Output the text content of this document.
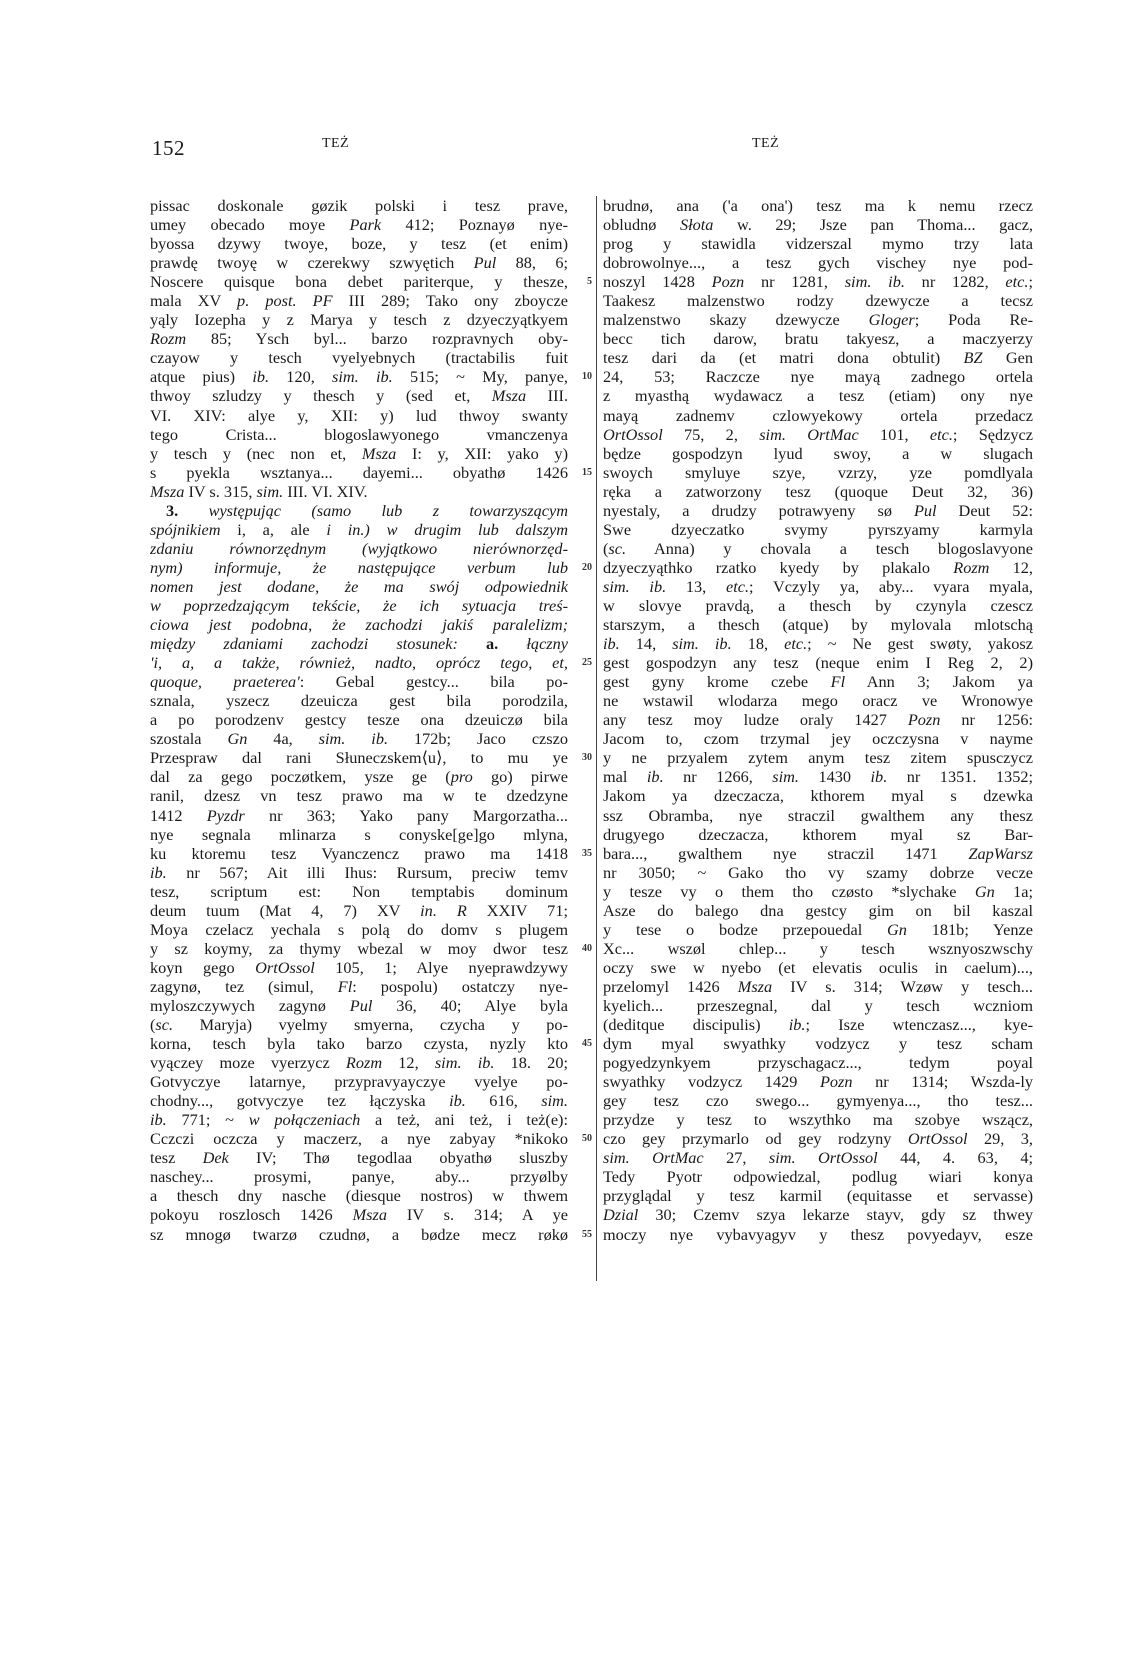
152	TEŻ	TEŻ
pissac doskonale gøzik polski i tesz prave,
umey obecado moye Park 412; Poznayø nye-
byossa dzywy twoye, boze, y tesz (et enim)
prawdę twoyę w czerekwy szwyętich Pul 88, 6;
Noscere quisque bona debet pariterque, y thesze,
mala XV p. post. PF III 289; Tako ony zboycze
yąly Iozepha y z Marya y tesch z dzyeczyątkyem
Rozm 85; Ysch byl... barzo rozpravnych oby-
czayow y tesch vyelyebnych (tractabilis fuit
atque pius) ib. 120, sim. ib. 515; ~ My, panye,
thwoy szludzy y thesch y (sed et, Msza III.
VI. XIV: alye y, XII: y) lud thwoy swanty
tego Crista... blogoslawyonego vmanczenya
y tesch y (nec non et, Msza I: y, XII: yako y)
s pyekla wsztanya... dayemi... obyathø 1426
Msza IV s. 315, sim. III. VI. XIV.
3. występując (samo lub z towarzyszącym
spójnikiem i, a, ale i in.) w drugim lub dalszym
zdaniu równorzędnym (wyjątkowo nierównorzęd-
nym) informuje, że następujące verbum lub
nomen jest dodane, że ma swój odpowiednik
w poprzedzającym tekście, że ich sytuacja treś-
ciowa jest podobna, że zachodzi jakiś paralelizm;
między zdaniami zachodzi stosunek: a. łączny
'i, a, a także, również, nadto, oprócz tego, et,
quoque, praeterea': Gebal gestcy... bila po-
sznala, yszecz dzeuicza gest bila porodzila,
a po porodzenv gestcy tesze ona dzeuiczø bila
szostala Gn 4a, sim. ib. 172b; Jaco czszo
Przespraw dal rani Słuneczskem⟨u⟩, to mu ye
dal za gego poczøtkem, ysze ge (pro go) pirwe
ranil, dzesz vn tesz prawo ma w te dzedzyne
1412 Pyzdr nr 363; Yako pany Margorzatha...
nye segnala mlinarza s conyske[ge]go mlyna,
ku ktoremu tesz Vyanczencz prawo ma 1418
ib. nr 567; Ait illi Ihus: Rursum, preciw temv
tesz, scriptum est: Non temptabis dominum
deum tuum (Mat 4, 7) XV in. R XXIV 71;
Moya czelacz yechala s polą do domv s plugem
y sz koymy, za thymy wbezal w moy dwor tesz
koyn gego OrtOssol 105, 1; Alye nyeprawdzywy
zagynø, tez (simul, Fl: pospolu) ostatczy nye-
myloszczywych zagynø Pul 36, 40; Alye byla
(sc. Maryja) vyelmy smyerna, czycha y po-
korna, tesch byla tako barzo czysta, nyzly kto
vyączey moze vyerzycz Rozm 12, sim. ib. 18. 20;
Gotvyczye latarnye, przypravyayczye vyelye po-
chodny..., gotvyczye tez łączyska ib. 616, sim.
ib. 771; ~ w połączeniach a też, ani też, i też(e):
Cczczi oczcza y maczerz, a nye zabyay *nikoko
tesz Dek IV; Thø tegodlaa obyathø sluszby
naschey... prosymi, panye, aby... przyølby
a thesch dny nasche (diesque nostros) w thwem
pokoyu roszlosch 1426 Msza IV s. 314; A ye
sz mnogø twarzø czudnø, a bødze mecz røkø
5
10
15
20
25
30
35
40
45
50
55
brudnø, ana ('a ona') tesz ma k nemu rzecz
obludnø Słota w. 29; Jsze pan Thoma... gacz,
prog y stawidla vidzerszal mymo trzy lata
dobrowolnye..., a tesz gych vischey nye pod-
noszyl 1428 Pozn nr 1281, sim. ib. nr 1282, etc.;
Taakesz malzenstwo rodzy dzewycze a tecsz
malzenstwo skazy dzewycze Gloger; Poda Re-
becc tich darow, bratu takyesz, a maczyerzy
tesz dari da (et matri dona obtulit) BZ Gen
24, 53; Raczcze nye mayą zadnego ortela
z myasthą wydawacz a tesz (etiam) ony nye
mayą zadnemv czlowyekowy ortela przedacz
OrtOssol 75, 2, sim. OrtMac 101, etc.; Sędzycz
będze gospodzyn lyud swoy, a w slugach
swoych smyluye szye, vzrzy, yze pomdlyala
ręka a zatworzony tesz (quoque Deut 32, 36)
nyestaly, a drudzy potrawyeny sø Pul Deut 52:
Swe dzyeczatko svymy pyrszyamy karmyla
(sc. Anna) y chovala a tesch blogoslavyone
dzyeczyąthko rzatko kyedy by plakalo Rozm 12,
sim. ib. 13, etc.; Vczyly ya, aby... vyara myala,
w slovye pravdą, a thesch by czynyla czescz
starszym, a thesch (atque) by mylovala mlotschą
ib. 14, sim. ib. 18, etc.; ~ Ne gest swøty, yakosz
gest gospodzyn any tesz (neque enim I Reg 2, 2)
gest gyny krome czebe Fl Ann 3; Jakom ya
ne wstawil wlodarza mego oracz ve Wronowye
any tesz moy ludze oraly 1427 Pozn nr 1256:
Jacom to, czom trzymal jey oczczysna v nayme
y ne przyalem zytem anym tesz zitem spusczycz
mal ib. nr 1266, sim. 1430 ib. nr 1351. 1352;
Jakom ya dzeczacza, kthorem myal s dzewka
ssz Obramba, nye straczil gwalthem any thesz
drugyego dzeczacza, kthorem myal sz Bar-
bara..., gwalthem nye straczil 1471 ZapWarsz
nr 3050; ~ Gako tho vy szamy dobrze vecze
y tesze vy o them tho czøsto *slychake Gn 1a;
Asze do balego dna gestcy gim on bil kaszal
y tese o bodze przepouedal Gn 181b; Yenze
Xc... wszøl chlep... y tesch wsznyoszwschy
oczy swe w nyebo (et elevatis oculis in caelum)...,
przelomyl 1426 Msza IV s. 314; Wzøw y tesch...
kyelich... przeszegnal, dal y tesch wczniom
(deditque discipulis) ib.; Isze wtenczasz..., kye-
dym myal swyathky vodzycz y tesz scham
pogyedzynkyem przyschagacz..., tedym poyal
swyathky vodzycz 1429 Pozn nr 1314; Wszda-ly
gey tesz czo swego... gymyenya..., tho tesz...
przydze y tesz to wszythko ma szobye wszącz,
czo gey przymarlo od gey rodzyny OrtOssol 29, 3,
sim. OrtMac 27, sim. OrtOssol 44, 4. 63, 4;
Tedy Pyotr odpowiedzal, podlug wiari konya
przyglądal y tesz karmil (equitasse et servasse)
Dzial 30; Czemv szya lekarze stayv, gdy sz thwey
moczy nye vybavyagyv y thesz povyedayv, esze
